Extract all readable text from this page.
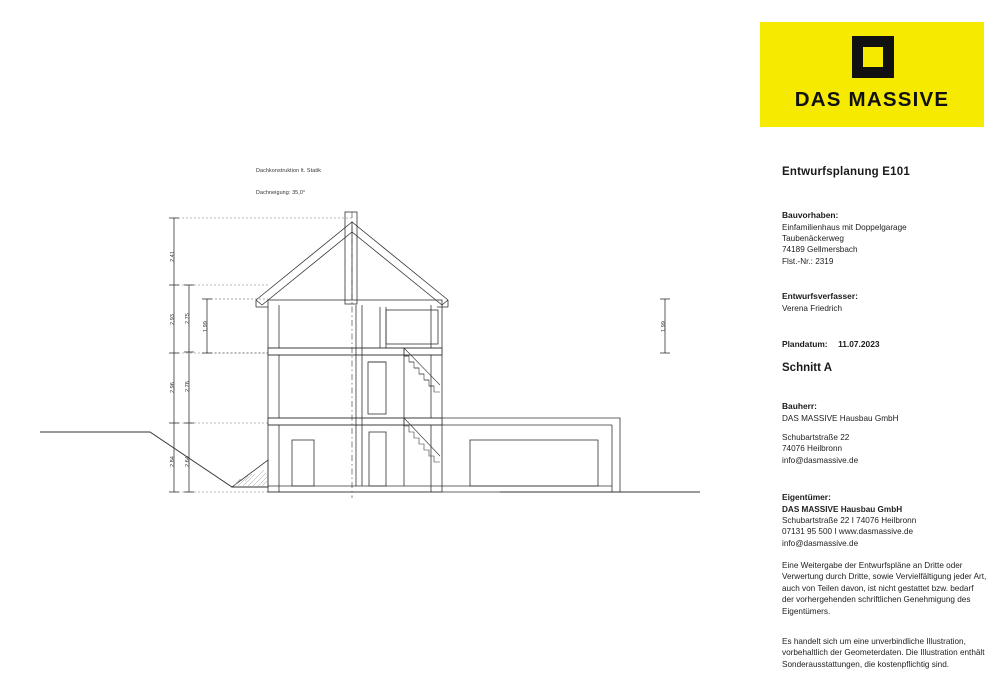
Dachkonstruktion lt. Statik
Dachneigung: 35,0°
2,41
2,93
2,96
2,84
2,75
2,76
2,64
1,99	1,99
DAS MASSIVE
Entwurfsplanung E101
Bauvorhaben:
Einfamilienhaus mit Doppelgarage
Taubenäckerweg
74189 Gellmersbach
Flst.-Nr.: 2319
Entwurfsverfasser:
Verena Friedrich
Plandatum: 11.07.2023
Schnitt A
Bauherr:
DAS MASSIVE Hausbau GmbH
Schubartstraße 22
74076 Heilbronn
info@dasmassive.de
Eigentümer:
DAS MASSIVE Hausbau GmbH
Schubartstraße 22 I 74076 Heilbronn
07131 95 500 I www.dasmassive.de
info@dasmassive.de
Eine Weitergabe der Entwurfspläne an Dritte oder Verwertung durch Dritte, sowie Vervielfältigung jeder Art, auch von Teilen davon, ist nicht gestattet bzw. bedarf der vorhergehenden schriftlichen Genehmigung des Eigentümers.
Es handelt sich um eine unverbindliche Illustration, vorbehaltlich der Geometerdaten. Die Illustration enthält Sonderausstattungen, die kostenpflichtig sind.
